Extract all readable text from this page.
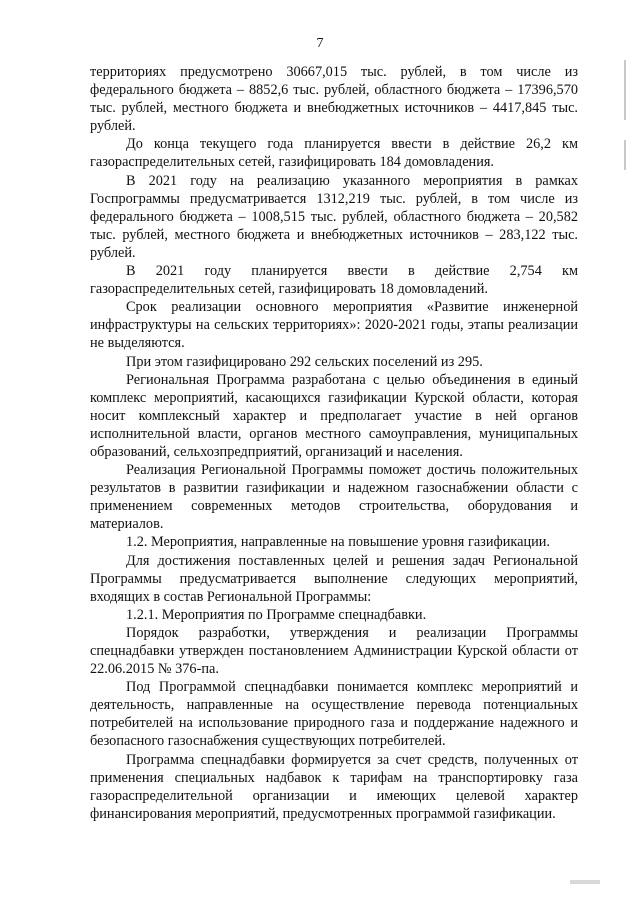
7

территориях предусмотрено 30667,015 тыс. рублей, в том числе из федерального бюджета – 8852,6 тыс. рублей, областного бюджета – 17396,570 тыс. рублей, местного бюджета и внебюджетных источников – 4417,845 тыс. рублей.

До конца текущего года планируется ввести в действие 26,2 км газораспределительных сетей, газифицировать 184 домовладения.

В 2021 году на реализацию указанного мероприятия в рамках Госпрограммы предусматривается 1312,219 тыс. рублей, в том числе из федерального бюджета – 1008,515 тыс. рублей, областного бюджета – 20,582 тыс. рублей, местного бюджета и внебюджетных источников – 283,122 тыс. рублей.

В 2021 году планируется ввести в действие 2,754 км газораспределительных сетей, газифицировать 18 домовладений.

Срок реализации основного мероприятия «Развитие инженерной инфраструктуры на сельских территориях»: 2020-2021 годы, этапы реализации не выделяются.

При этом газифицировано 292 сельских поселений из 295.

Региональная Программа разработана с целью объединения в единый комплекс мероприятий, касающихся газификации Курской области, которая носит комплексный характер и предполагает участие в ней органов исполнительной власти, органов местного самоуправления, муниципальных образований, сельхозпредприятий, организаций и населения.

Реализация Региональной Программы поможет достичь положительных результатов в развитии газификации и надежном газоснабжении области с применением современных методов строительства, оборудования и материалов.

1.2. Мероприятия, направленные на повышение уровня газификации.

Для достижения поставленных целей и решения задач Региональной Программы предусматривается выполнение следующих мероприятий, входящих в состав Региональной Программы:

1.2.1. Мероприятия по Программе спецнадбавки.

Порядок разработки, утверждения и реализации Программы спецнадбавки утвержден постановлением Администрации Курской области от 22.06.2015 № 376-па.

Под Программой спецнадбавки понимается комплекс мероприятий и деятельность, направленные на осуществление перевода потенциальных потребителей на использование природного газа и поддержание надежного и безопасного газоснабжения существующих потребителей.

Программа спецнадбавки формируется за счет средств, полученных от применения специальных надбавок к тарифам на транспортировку газа газораспределительной организации и имеющих целевой характер финансирования мероприятий, предусмотренных программой газификации.
